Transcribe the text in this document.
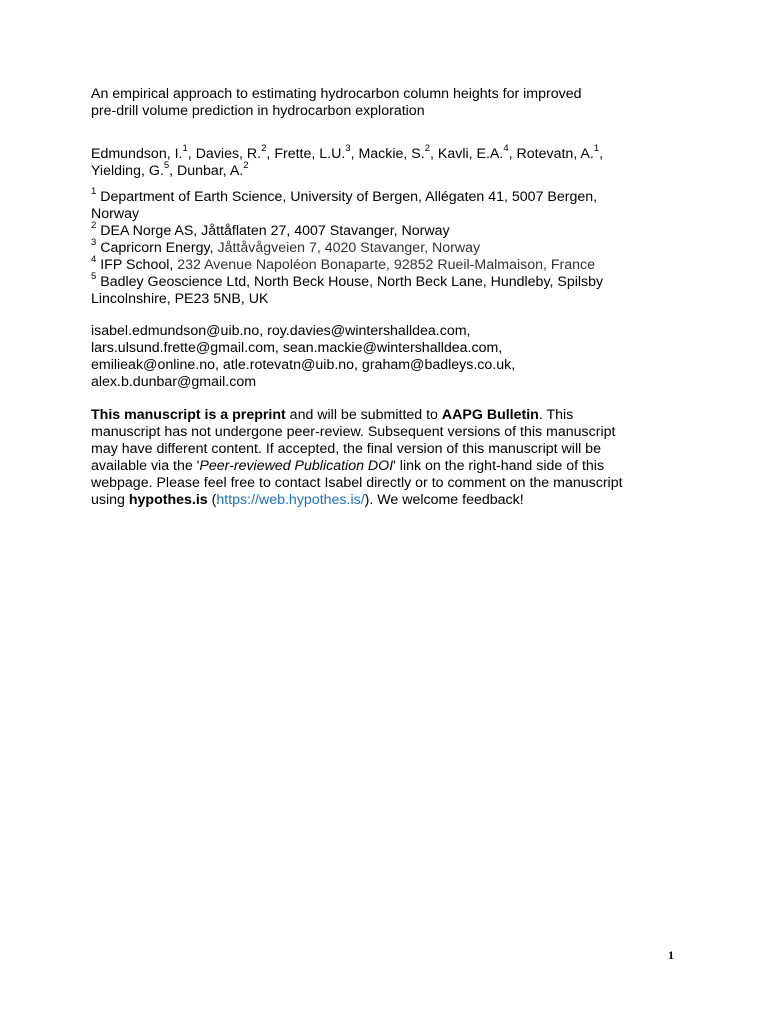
An empirical approach to estimating hydrocarbon column heights for improved
pre-drill volume prediction in hydrocarbon exploration
Edmundson, I.$^1$, Davies, R.$^2$, Frette, L.U.$^3$, Mackie, S.$^2$, Kavli, E.A.$^4$, Rotevatn, A.$^1$,
Yielding, G.$^5$, Dunbar, A.$^2$
$^1$ Department of Earth Science, University of Bergen, Allégaten 41, 5007 Bergen,
Norway
$^2$ DEA Norge AS, Jåttåflaten 27, 4007 Stavanger, Norway
$^3$ Capricorn Energy, Jåttåvågveien 7, 4020 Stavanger, Norway
$^4$ IFP School, 232 Avenue Napoléon Bonaparte, 92852 Rueil-Malmaison, France
$^5$ Badley Geoscience Ltd, North Beck House, North Beck Lane, Hundleby, Spilsby
Lincolnshire, PE23 5NB, UK
isabel.edmundson@uib.no, roy.davies@wintershalldea.com,
lars.ulsund.frette@gmail.com, sean.mackie@wintershalldea.com,
emilieak@online.no, atle.rotevatn@uib.no, graham@badleys.co.uk,
alex.b.dunbar@gmail.com
This manuscript is a preprint and will be submitted to AAPG Bulletin. This
manuscript has not undergone peer-review. Subsequent versions of this manuscript
may have different content. If accepted, the final version of this manuscript will be
available via the 'Peer-reviewed Publication DOI' link on the right-hand side of this
webpage. Please feel free to contact Isabel directly or to comment on the manuscript
using hypothes.is (https://web.hypothes.is/). We welcome feedback!
1
